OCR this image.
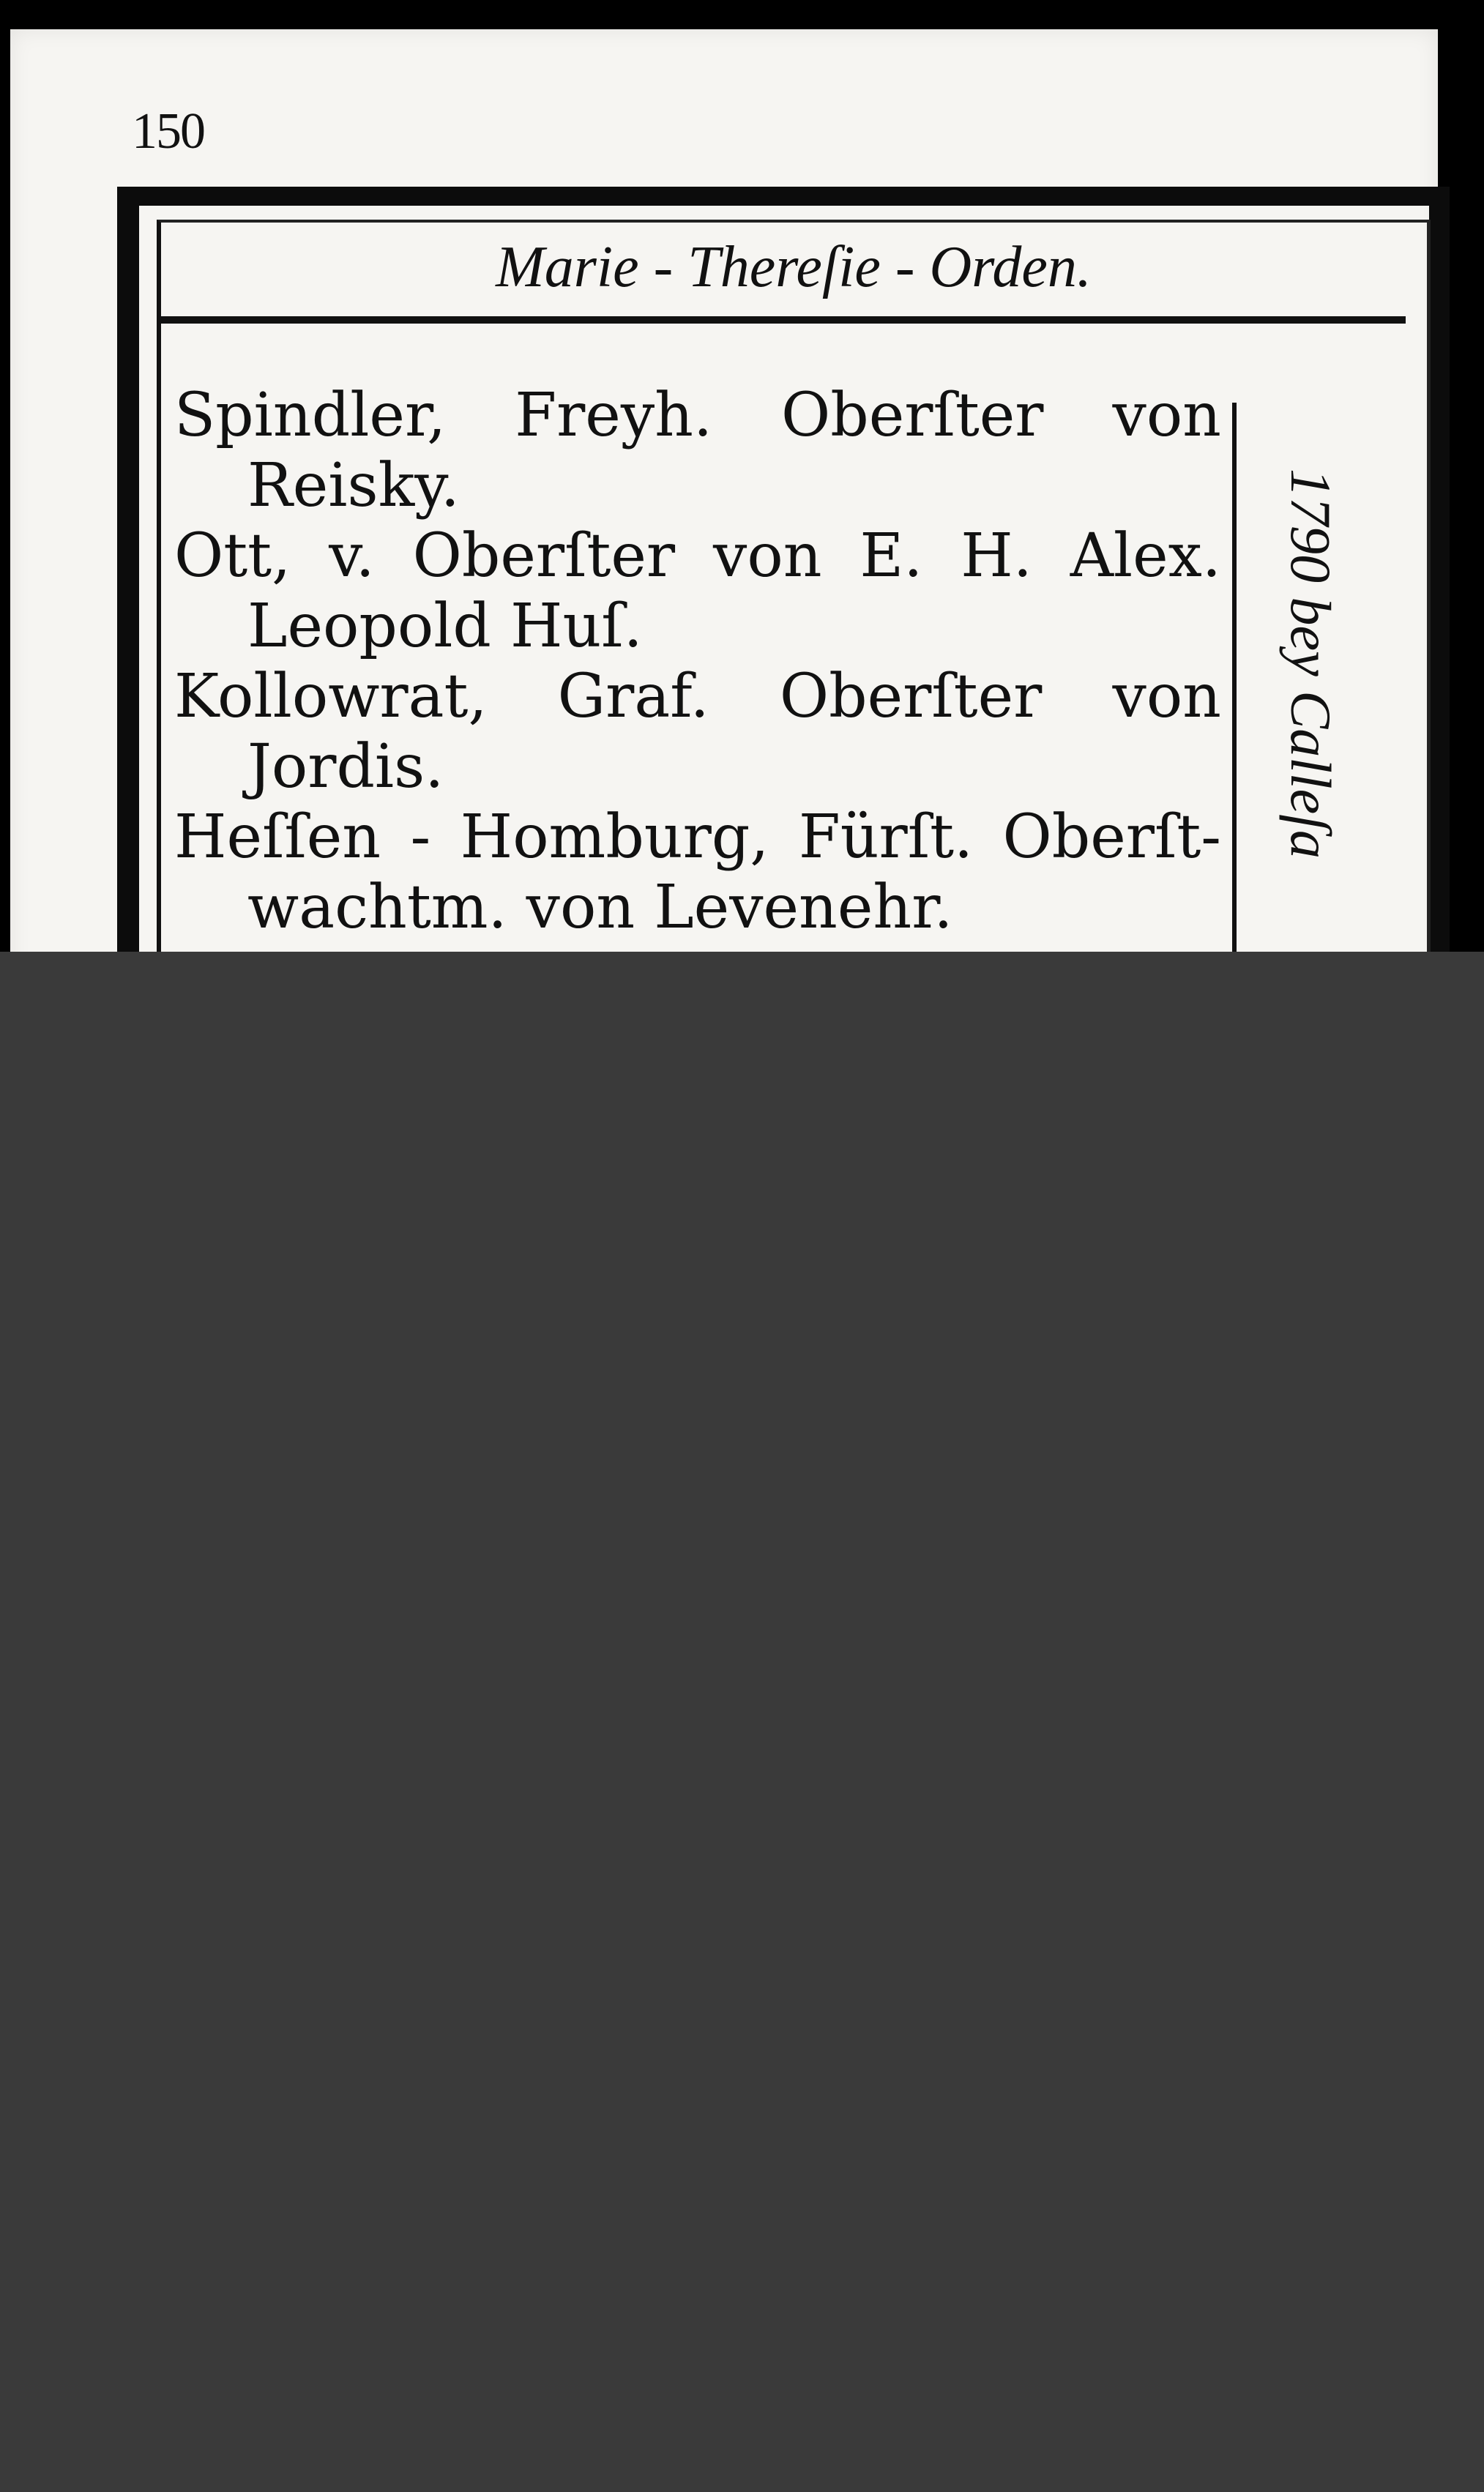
150
Marie - Thereſie - Orden.

Spindler, Freyh. Oberſter von
Reisky.

Ott, v. Oberſter von E. H. Alex.
Leopold Huſ.

Kollowrat, Graf. Oberſter von
Jordis.

Heſſen - Homburg, Fürſt. Oberſt-
wachtm. von Levenehr.

1790 bey Calleſa
